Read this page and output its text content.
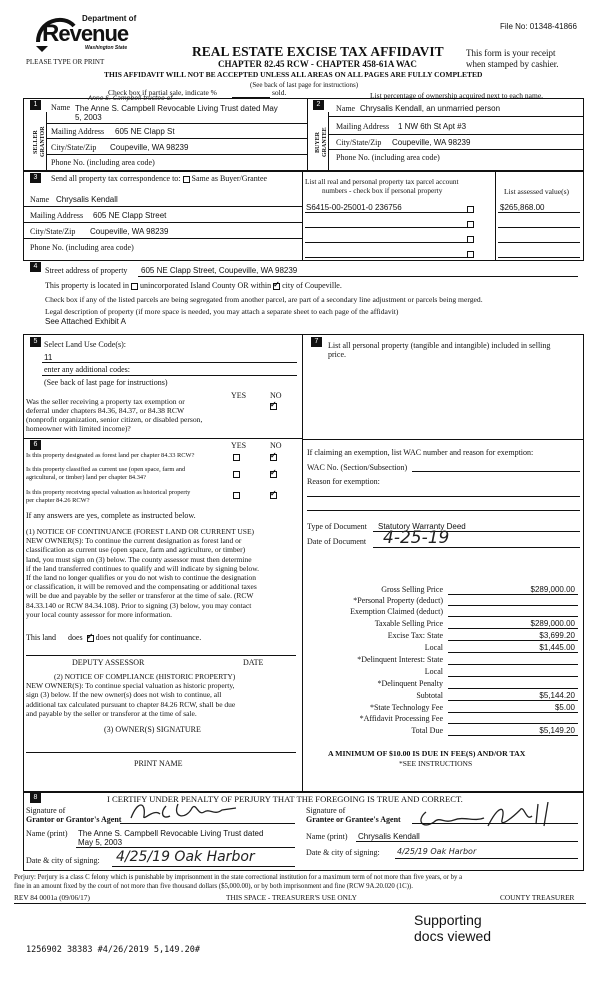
File No: 01348-41866
Department of
Revenue
Washington State
PLEASE TYPE OR PRINT
REAL ESTATE EXCISE TAX AFFIDAVIT
CHAPTER 82.45 RCW - CHAPTER 458-61A WAC
This form is your receipt
when stamped by cashier.
THIS AFFIDAVIT WILL NOT BE ACCEPTED UNLESS ALL AREAS ON ALL PAGES ARE FULLY COMPLETED
(See back of last page for instructions)
Check box if partial sale, indicate %	sold.	List percentage of ownership acquired next to each name.
1
SELLER GRANTOR
Name
Anne S. Campbell trustee of
The Anne S. Campbell Revocable Living Trust dated May
5, 2003
Mailing Address 605 NE Clapp St
City/State/Zip Coupeville, WA 98239
Phone No. (including area code)
2
BUYER GRANTEE
Name Chrysalis Kendall, an unmarried person
Mailing Address 1 NW 6th St Apt #3
City/State/Zip Coupeville, WA 98239
Phone No. (including area code)
3	Send all property tax correspondence to: Same as Buyer/Grantee
Name Chrysalis Kendall
Mailing Address 605 NE Clapp Street
City/State/Zip Coupeville, WA 98239
Phone No. (including area code)
List all real and personal property tax parcel account
numbers - check box if personal property	List assessed value(s)
S6415-00-25001-0 236756	$265,868.00
4 Street address of property 605 NE Clapp Street, Coupeville, WA 98239
This property is located in unincorporated Island County OR within ✓ city of Coupeville.
Check box if any of the listed parcels are being segregated from another parcel, are part of a secondary line adjustment or parcels being merged.
Legal description of property (if more space is needed, you may attach a separate sheet to each page of the affidavit)
See Attached Exhibit A
5 Select Land Use Code(s):
11
enter any additional codes:
(See back of last page for instructions)
YES	NO
Was the seller receiving a property tax exemption or
deferral under chapters 84.36, 84.37, or 84.38 RCW
(nonprofit organization, senior citizen, or disabled person,
homeowner with limited income)?
✓
6	YES	NO
Is this property designated as forest land per chapter 84.33 RCW?
✓
Is this property classified as current use (open space, farm and
agricultural, or timber) land per chapter 84.34?
✓
Is this property receiving special valuation as historical property
per chapter 84.26 RCW?
✓
If any answers are yes, complete as instructed below.
(1) NOTICE OF CONTINUANCE (FOREST LAND OR CURRENT USE)
NEW OWNER(S): To continue the current designation as forest land or
classification as current use (open space, farm and agriculture, or timber)
land, you must sign on (3) below. The county assessor must then determine
if the land transferred continues to qualify and will indicate by signing below.
If the land no longer qualifies or you do not wish to continue the designation
or classification, it will be removed and the compensating or additional taxes
will be due and payable by the seller or transferor at the time of sale. (RCW
84.33.140 or RCW 84.34.108). Prior to signing (3) below, you may contact
your local county assessor for more information.
This land does ✓ does not qualify for continuance.
DEPUTY ASSESSOR	DATE
(2) NOTICE OF COMPLIANCE (HISTORIC PROPERTY)
NEW OWNER(S): To continue special valuation as historic property,
sign (3) below. If the new owner(s) does not wish to continue, all
additional tax calculated pursuant to chapter 84.26 RCW, shall be due
and payable by the seller or transferor at the time of sale.
(3) OWNER(S) SIGNATURE
PRINT NAME
7	List all personal property (tangible and intangible) included in selling
price.
If claiming an exemption, list WAC number and reason for exemption:
WAC No. (Section/Subsection)
Reason for exemption:
Type of Document Statutory Warranty Deed
Date of Document 4-25-19
Gross Selling Price	$289,000.00
*Personal Property (deduct)
Exemption Claimed (deduct)
Taxable Selling Price	$289,000.00
Excise Tax: State	$3,699.20
Local	$1,445.00
*Delinquent Interest: State
Local
*Delinquent Penalty
Subtotal	$5,144.20
*State Technology Fee	$5.00
*Affidavit Processing Fee
Total Due	$5,149.20
A MINIMUM OF $10.00 IS DUE IN FEE(S) AND/OR TAX
*SEE INSTRUCTIONS
8	I CERTIFY UNDER PENALTY OF PERJURY THAT THE FOREGOING IS TRUE AND CORRECT.
Signature of
Grantor or Grantor's Agent
Name (print) The Anne S. Campbell Revocable Living Trust dated
May 5, 2003
Date & city of signing: 4/25/19 Oak Harbor
Signature of
Grantee or Grantee's Agent
Name (print) Chrysalis Kendall
Date & city of signing: 4/25/19 Oak Harbor
Perjury: Perjury is a class C felony which is punishable by imprisonment in the state correctional institution for a maximum term of not more than five years, or by a
fine in an amount fixed by the court of not more than five thousand dollars ($5,000.00), or by both imprisonment and fine (RCW 9A.20.020 (1C)).
REV 84 0001a (09/06/17)	THIS SPACE - TREASURER'S USE ONLY	COUNTY TREASURER
Supporting
docs viewed
1256902 38383 #4/26/2019 5,149.20#
